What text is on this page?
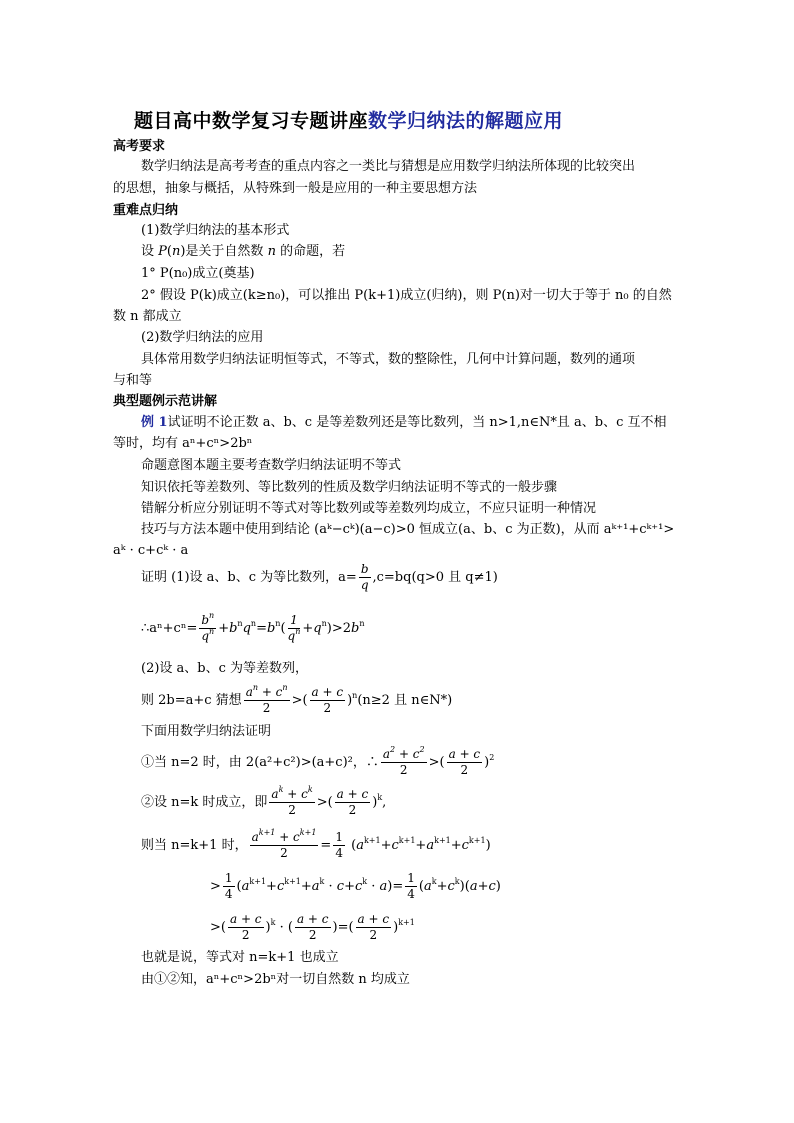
题目高中数学复习专题讲座数学归纳法的解题应用
高考要求
数学归纳法是高考考查的重点内容之一类比与猜想是应用数学归纳法所体现的比较突出
的思想，抽象与概括，从特殊到一般是应用的一种主要思想方法
重难点归纳
(1)数学归纳法的基本形式
设 P(n)是关于自然数 n 的命题，若
1° P(n₀)成立(奠基)
2° 假设 P(k)成立(k≥n₀)，可以推出 P(k+1)成立(归纳)，则 P(n)对一切大于等于 n₀ 的自然
数 n 都成立
(2)数学归纳法的应用
具体常用数学归纳法证明恒等式，不等式，数的整除性，几何中计算问题，数列的通项
与和等
典型题例示范讲解
例 1试证明不论正数 a、b、c 是等差数列还是等比数列，当 n>1,n∈N*且 a、b、c 互不相
等时，均有 aⁿ+cⁿ>2bⁿ
命题意图本题主要考查数学归纳法证明不等式
知识依托等差数列、等比数列的性质及数学归纳法证明不等式的一般步骤
错解分析应分别证明不等式对等比数列或等差数列均成立，不应只证明一种情况
技巧与方法本题中使用到结论 (aᵏ−cᵏ)(a−c)>0 恒成立(a、b、c 为正数)，从而 aᵏ⁺¹+cᵏ⁺¹>
aᵏ · c+cᵏ · a
证明 (1)设 a、b、c 为等比数列，$a= \frac{b}{q} ,c=bq(q>0$ 且 q≠1)
∴aⁿ+cⁿ= $\frac{b^n}{q^n} +b^nq^n=b^n( \frac{1}{q^n} +q^n)>2b^n$
(2)设 a、b、c 为等差数列，
则 2b=a+c 猜想 $\frac{a^n + c^n}{2}$ >( $\frac{a + c}{2} )^n(n\ge 2$ 且 n∈N*)
下面用数学归纳法证明
①当 n=2 时，由 2(a²+c²)>(a+c)²，∴ $\frac{a^2 + c^2}{2}$ >( $\frac{a + c}{2} )^2$
②设 n=k 时成立，即 $\frac{a^k + c^k}{2}$ >( $\frac{a + c}{2} )^k$,
则当 n=k+1 时， $\frac{a^{k+1} + c^{k+1}}{2} = \frac{1}{4} (a^{k+1}+c^{k+1}+a^{k+1}+c^{k+1})$
> $\frac{1}{4} (a^{k+1}+c^{k+1}+a^k \cdot c+c^k \cdot a)= \frac{1}{4} (a^k+c^k)(a+c)$
>( $\frac{a + c}{2} )^k$ · ( $\frac{a + c}{2}$ )=( $\frac{a + c}{2} )^{k+1}$
也就是说，等式对 n=k+1 也成立
由①②知，aⁿ+cⁿ>2bⁿ对一切自然数 n 均成立
